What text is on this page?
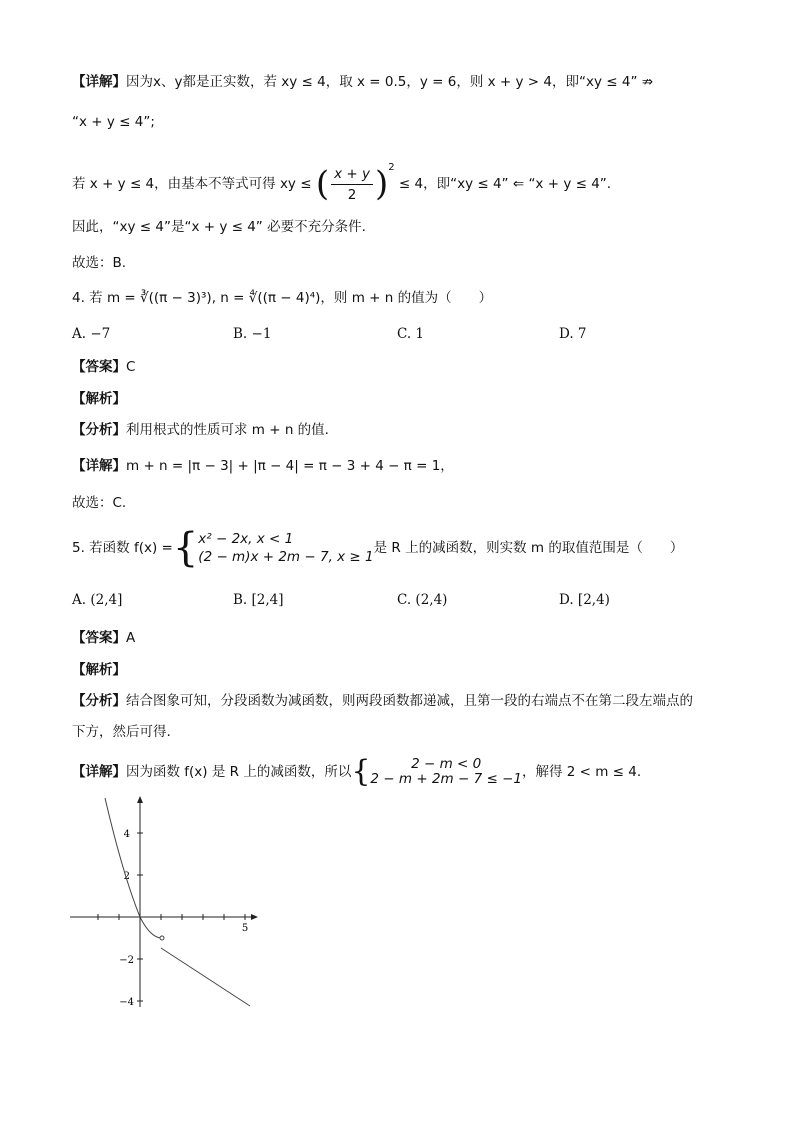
【详解】因为x、y都是正实数，若 xy ≤ 4，取 x = 0.5，y = 6，则 x + y > 4，即“xy ≤ 4” ⇏
“x + y ≤ 4”;
若 x + y ≤ 4，由基本不等式可得 xy ≤ ( $\frac{x + y}{2} )^2 \le 4$，即“xy ≤ 4” ⇐ “x + y ≤ 4”.
因此，“xy ≤ 4”是“x + y ≤ 4” 必要不充分条件.
故选：B.
4. 若 m = ∛((π − 3)³), n = ∜((π − 4)⁴)，则 m + n 的值为（　　）
A. −7	B. −1	C. 1	D. 7
【答案】C
【解析】
【分析】利用根式的性质可求 m + n 的值.
【详解】m + n = |π − 3| + |π − 4| = π − 3 + 4 − π = 1，
故选：C.
5. 若函数 f(x) = { x² − 2x, x < 1
(2 − m)x + 2m − 7, x ≥ 1
是 R 上的减函数，则实数 m 的取值范围是（　　）
A. (2,4]	B. [2,4]	C. (2,4)	D. [2,4)
【答案】A
【解析】
【分析】结合图象可知，分段函数为减函数，则两段函数都递减，且第一段的右端点不在第二段左端点的
下方，然后可得.
【详解】 因为函数 f(x) 是 R 上的减函数，所以 {	2 − m < 0
2 − m + 2m − 7 ≤ −1 ，解得 2 < m ≤ 4.
4
2
−2
−4
5
